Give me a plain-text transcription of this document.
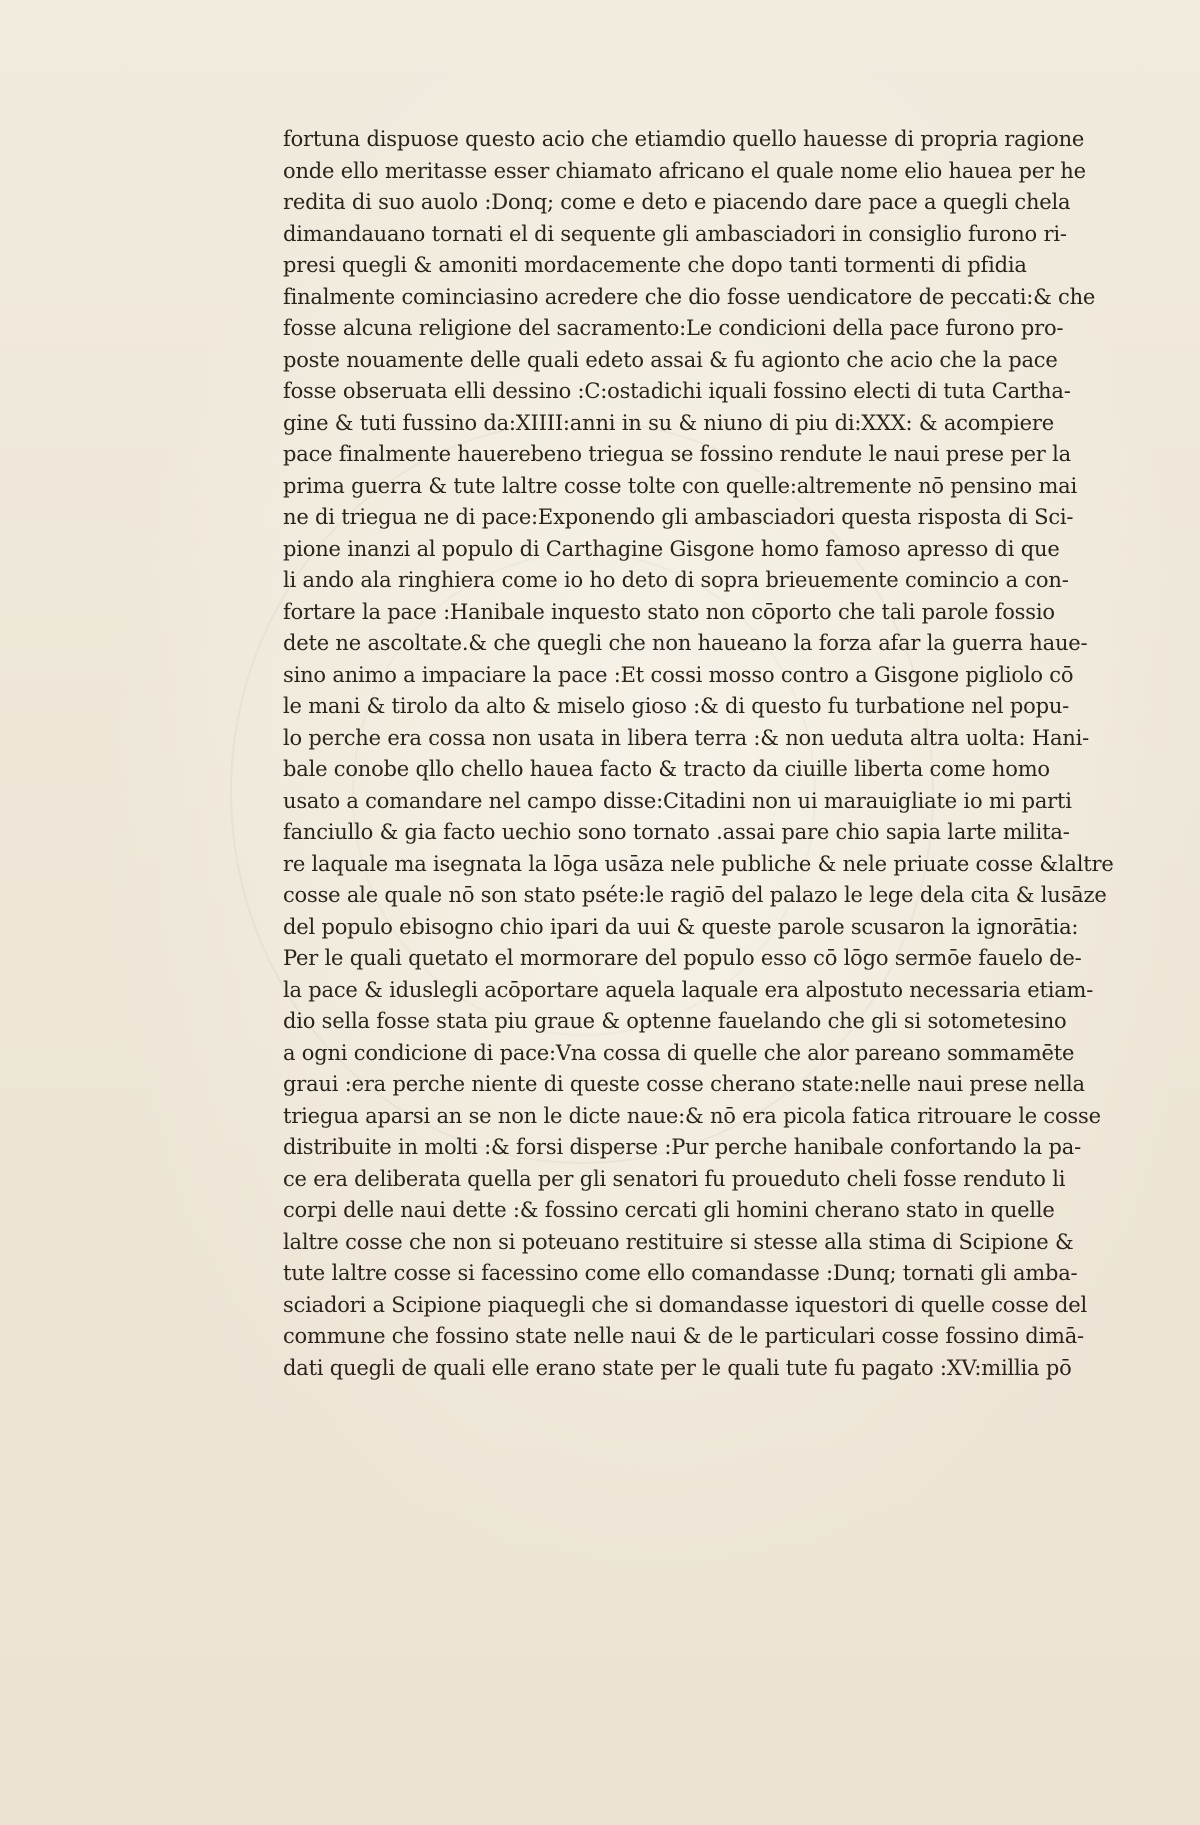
fortuna dispuose questo acio che etiamdio quello hauesse di propria ragione
onde ello meritasse esser chiamato africano el quale nome elio hauea per he
redita di suo auolo :Donq; come e deto e piacendo dare pace a quegli chela
dimandauano tornati el di sequente gli ambasciadori in consiglio furono ri-
presi quegli & amoniti mordacemente che dopo tanti tormenti di pfidia
finalmente cominciasino acredere che dio fosse uendicatore de peccati:& che
fosse alcuna religione del sacramento:Le condicioni della pace furono pro-
poste nouamente delle quali edeto assai & fu agionto che acio che la pace
fosse obseruata elli dessino :C:ostadichi iquali fossino electi di tuta Cartha-
gine & tuti fussino da:XIIII:anni in su & niuno di piu di:XXX: & acompiere
pace finalmente hauerebeno triegua se fossino rendute le naui prese per la
prima guerra & tute laltre cosse tolte con quelle:altremente nō pensino mai
ne di triegua ne di pace:Exponendo gli ambasciadori questa risposta di Sci-
pione inanzi al populo di Carthagine Gisgone homo famoso apresso di que
li ando ala ringhiera come io ho deto di sopra brieuemente comincio a con-
fortare la pace :Hanibale inquesto stato non cōporto che tali parole fossio
dete ne ascoltate.& che quegli che non haueano la forza afar la guerra haue-
sino animo a impaciare la pace :Et cossi mosso contro a Gisgone pigliolo cō
le mani & tirolo da alto & miselo gioso :& di questo fu turbatione nel popu-
lo perche era cossa non usata in libera terra :& non ueduta altra uolta: Hani-
bale conobe qllo chello hauea facto & tracto da ciuille liberta come homo
usato a comandare nel campo disse:Citadini non ui marauigliate io mi parti
fanciullo & gia facto uechio sono tornato .assai pare chio sapia larte milita-
re laquale ma isegnata la lōga usāza nele publiche & nele priuate cosse &laltre
cosse ale quale nō son stato pséte:le ragiō del palazo le lege dela cita & lusāze
del populo ebisogno chio ipari da uui & queste parole scusaron la ignorātia:
Per le quali quetato el mormorare del populo esso cō lōgo sermōe fauelo de-
la pace & iduslegli acōportare aquela laquale era alpostuto necessaria etiam-
dio sella fosse stata piu graue & optenne fauelando che gli si sotometesino
a ogni condicione di pace:Vna cossa di quelle che alor pareano sommamēte
graui :era perche niente di queste cosse cherano state:nelle naui prese nella
triegua aparsi an se non le dicte naue:& nō era picola fatica ritrouare le cosse
distribuite in molti :& forsi disperse :Pur perche hanibale confortando la pa-
ce era deliberata quella per gli senatori fu proueduto cheli fosse renduto li
corpi delle naui dette :& fossino cercati gli homini cherano stato in quelle
laltre cosse che non si poteuano restituire si stesse alla stima di Scipione &
tute laltre cosse si facessino come ello comandasse :Dunq; tornati gli amba-
sciadori a Scipione piaquegli che si domandasse iquestori di quelle cosse del
commune che fossino state nelle naui & de le particulari cosse fossino dimā-
dati quegli de quali elle erano state per le quali tute fu pagato :XV:millia pō
